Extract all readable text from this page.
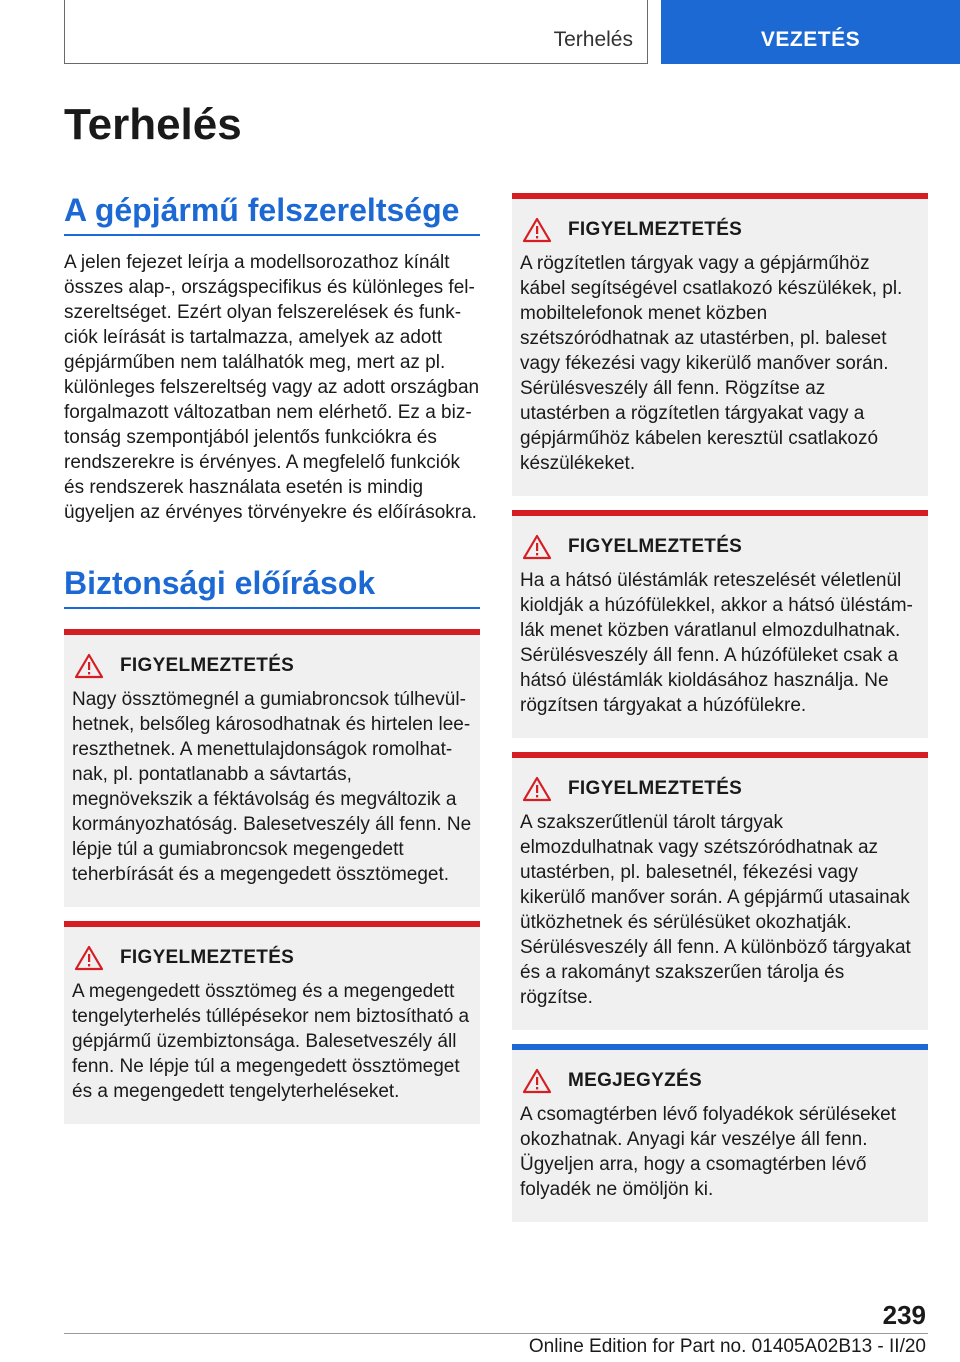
Terhelés	VEZETÉS
Terhelés
A gépjármű felszereltsége

A jelen fejezet leírja a modellsorozathoz kínált összes alap-, országspecifikus és különleges felszereltséget. Ezért olyan felszerelések és funkciók leírását is tartalmazza, amelyek az adott gépjárműben nem találhatók meg, mert az pl. különleges felszereltség vagy az adott országban forgalmazott változatban nem elérhető. Ez a biztonság szempontjából jelentős funkciókra és rendszerekre is érvényes. A megfelelő funkciók és rendszerek használata esetén is mindig ügyeljen az érvényes törvényekre és előírásokra.

Biztonsági előírások
FIGYELMEZTETÉS

Nagy össztömegnél a gumiabroncsok túlhevülhetnek, belsőleg károsodhatnak és hirtelen leereszthetnek. A menettulajdonságok romolhatnak, pl. pontatlanabb a sávtartás, megnövekszik a féktávolság és megváltozik a kormányozhatóság. Balesetveszély áll fenn. Ne lépje túl a gumiabroncsok megengedett teherbírását és a megengedett össztömeget.

FIGYELMEZTETÉS

A megengedett össztömeg és a megengedett tengelyterhelés túllépésekor nem biztosítható a gépjármű üzembiztonsága. Balesetveszély áll fenn. Ne lépje túl a megengedett össztömeget és a megengedett tengelyterheléseket.

FIGYELMEZTETÉS

A rögzítetlen tárgyak vagy a gépjárműhöz kábel segítségével csatlakozó készülékek, pl. mobiltelefonok menet közben szétszóródhatnak az utastérben, pl. baleset vagy fékezési vagy kikerülő manőver során. Sérülésveszély áll fenn. Rögzítse az utastérben a rögzítetlen tárgyakat vagy a gépjárműhöz kábelen keresztül csatlakozó készülékeket.

FIGYELMEZTETÉS

Ha a hátsó üléstámlák reteszelését véletlenül kioldják a húzófülekkel, akkor a hátsó üléstámlák menet közben váratlanul elmozdulhatnak. Sérülésveszély áll fenn. A húzófüleket csak a hátsó üléstámlák kioldásához használja. Ne rögzítsen tárgyakat a húzófülekre.

FIGYELMEZTETÉS

A szakszerűtlenül tárolt tárgyak elmozdulhatnak vagy szétszóródhatnak az utastérben, pl. balesetnél, fékezési vagy kikerülő manőver során. A gépjármű utasainak ütközhetnek és sérülésüket okozhatják. Sérülésveszély áll fenn. A különböző tárgyakat és a rakományt szakszerűen tárolja és rögzítse.

MEGJEGYZÉS

A csomagtérben lévő folyadékok sérüléseket okozhatnak. Anyagi kár veszélye áll fenn. Ügyeljen arra, hogy a csomagtérben lévő folyadék ne ömöljön ki.

239
Online Edition for Part no. 01405A02B13 - II/20
